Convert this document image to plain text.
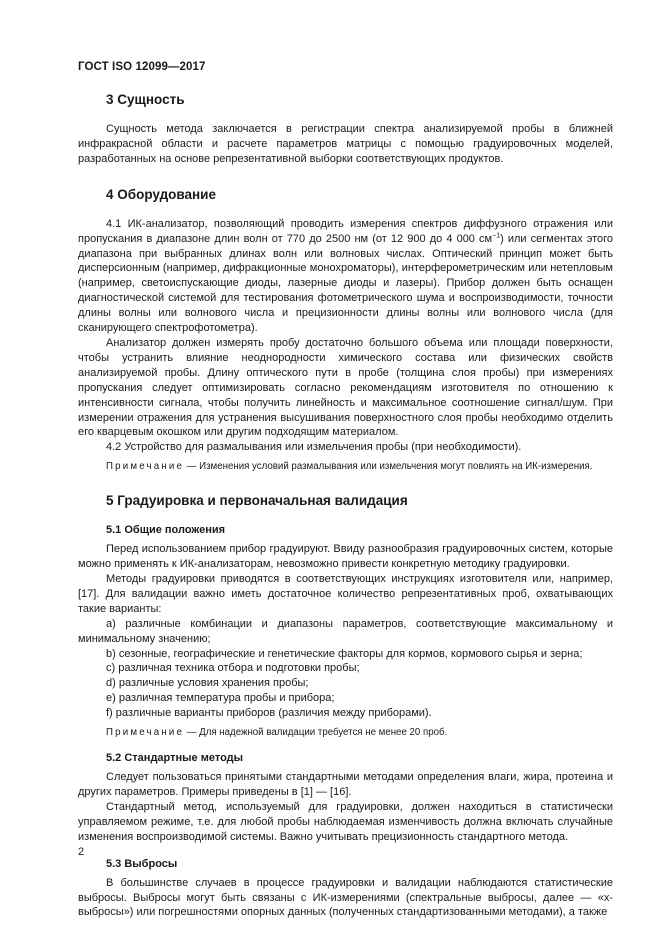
ГОСТ ISO 12099—2017
3 Сущность

Сущность метода заключается в регистрации спектра анализируемой пробы в ближней инфракрасной области и расчете параметров матрицы с помощью градуировочных моделей, разработанных на основе репрезентативной выборки соответствующих продуктов.

4 Оборудование

4.1 ИК-анализатор, позволяющий проводить измерения спектров диффузного отражения или пропускания в диапазоне длин волн от 770 до 2500 нм (от 12 900 до 4 000 $см^{-1}$) или сегментах этого диапазона при выбранных длинах волн или волновых числах. Оптический принцип может быть дисперсионным (например, дифракционные монохроматоры), интерферометрическим или нетепловым (например, светоиспускающие диоды, лазерные диоды и лазеры). Прибор должен быть оснащен диагностической системой для тестирования фотометрического шума и воспроизводимости, точности длины волны или волнового числа и прецизионности длины волны или волнового числа (для сканирующего спектрофотометра).

Анализатор должен измерять пробу достаточно большого объема или площади поверхности, чтобы устранить влияние неоднородности химического состава или физических свойств анализируемой пробы. Длину оптического пути в пробе (толщина слоя пробы) при измерениях пропускания следует оптимизировать согласно рекомендациям изготовителя по отношению к интенсивности сигнала, чтобы получить линейность и максимальное соотношение сигнал/шум. При измерении отражения для устранения высушивания поверхностного слоя пробы необходимо отделить его кварцевым окошком или другим подходящим материалом.

4.2 Устройство для размалывания или измельчения пробы (при необходимости).

Примечание — Изменения условий размалывания или измельчения могут повлиять на ИК-измерения.

5 Градуировка и первоначальная валидация
5.1 Общие положения

Перед использованием прибор градуируют. Ввиду разнообразия градуировочных систем, которые можно применять к ИК-анализаторам, невозможно привести конкретную методику градуировки.

Методы градуировки приводятся в соответствующих инструкциях изготовителя или, например, [17]. Для валидации важно иметь достаточное количество репрезентативных проб, охватывающих такие варианты:

a) различные комбинации и диапазоны параметров, соответствующие максимальному и минимальному значению;

b) сезонные, географические и генетические факторы для кормов, кормового сырья и зерна;

c) различная техника отбора и подготовки пробы;

d) различные условия хранения пробы;

e) различная температура пробы и прибора;

f) различные варианты приборов (различия между приборами).

Примечание — Для надежной валидации требуется не менее 20 проб.

5.2 Стандартные методы

Следует пользоваться принятыми стандартными методами определения влаги, жира, протеина и других параметров. Примеры приведены в [1] — [16].

Стандартный метод, используемый для градуировки, должен находиться в статистически управляемом режиме, т.е. для любой пробы наблюдаемая изменчивость должна включать случайные изменения воспроизводимой системы. Важно учитывать прецизионность стандартного метода.

5.3 Выбросы

В большинстве случаев в процессе градуировки и валидации наблюдаются статистические выбросы. Выбросы могут быть связаны с ИК-измерениями (спектральные выбросы, далее — «x-выбросы») или погрешностями опорных данных (полученных стандартизованными методами), а также

2
